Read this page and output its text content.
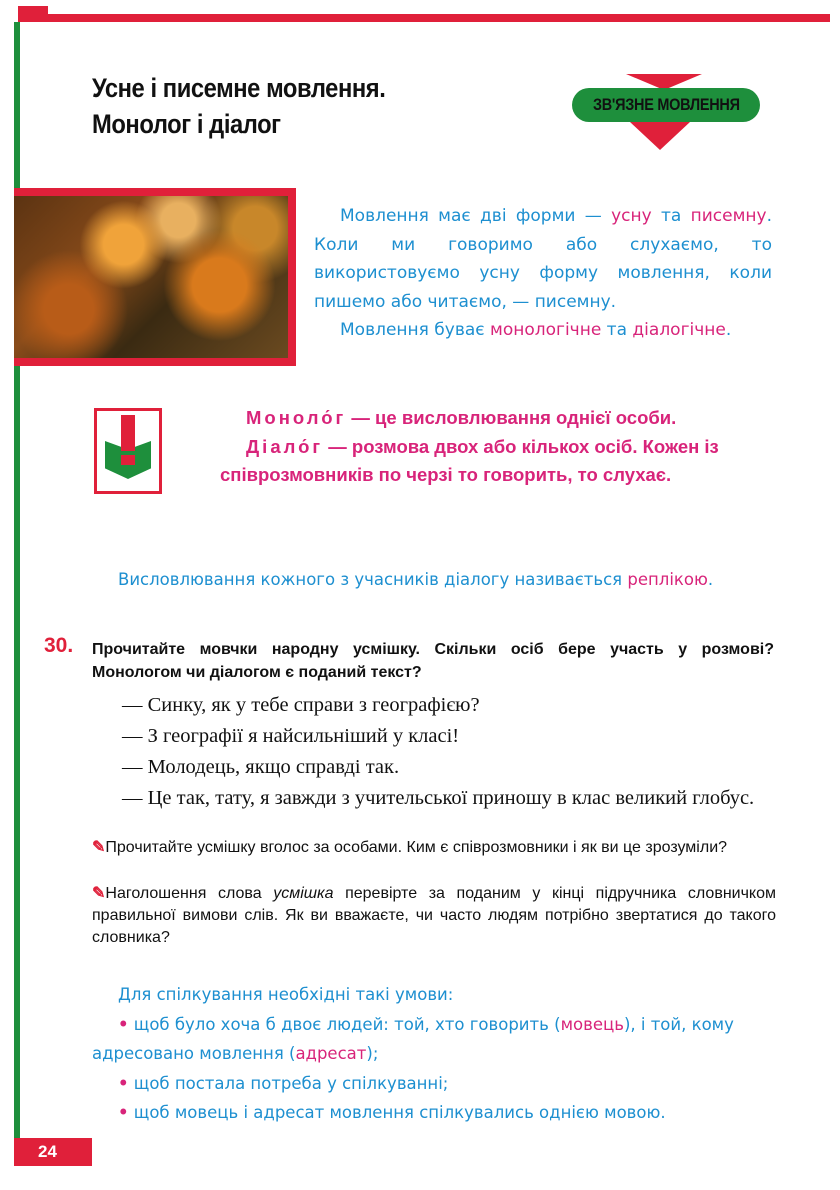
Усне і писемне мовлення.
Монолог і діалог
ЗВ'ЯЗНЕ МОВЛЕННЯ

Мовлення має дві форми — усну та писемну. Коли ми говоримо або слухаємо, то використовуємо усну форму мовлення, коли пишемо або читаємо, — писемну.

Мовлення буває монологічне та діалогічне.

Моноло́г — це висловлювання однієї особи.

Діало́г — розмова двох або кількох осіб. Кожен із співрозмовників по черзі то говорить, то слухає.

Висловлювання кожного з учасників діалогу називається реплікою.

30. Прочитайте мовчки народну усмішку. Скільки осіб бере участь у розмові? Монологом чи діалогом є поданий текст?

— Синку, як у тебе справи з географією?

— З географії я найсильніший у класі!

— Молодець, якщо справді так.

— Це так, тату, я завжди з учительської приношу в клас великий глобус.

✎Прочитайте усмішку вголос за особами. Ким є співрозмовники і як ви це зрозуміли?
✎Наголошення слова усмішка перевірте за поданим у кінці підручника словничком правильної вимови слів. Як ви вважаєте, чи часто людям потрібно звертатися до такого словника?

Для спілкування необхідні такі умови:

• щоб було хоча б двоє людей: той, хто говорить (мовець), і той, кому адресовано мовлення (адресат);

• щоб постала потреба у спілкуванні;

• щоб мовець і адресат мовлення спілкувались однією мовою.

24
